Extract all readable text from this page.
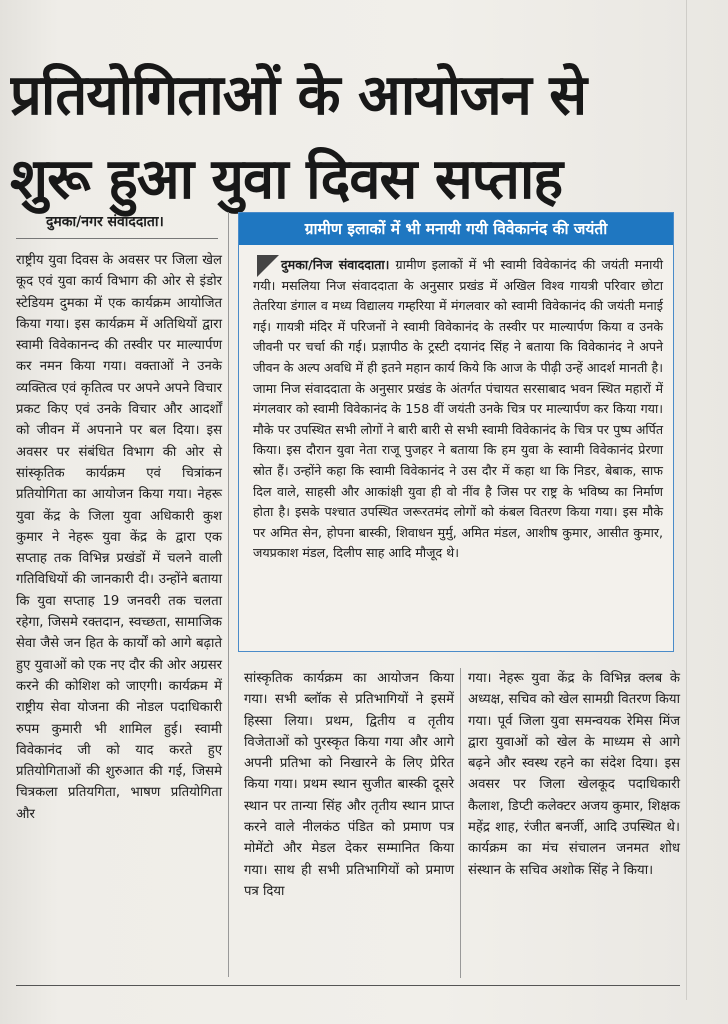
प्रतियोगिताओं के आयोजन से
शुरू हुआ युवा दिवस सप्ताह
दुमका/नगर संवाददाता।
राष्ट्रीय युवा दिवस के अवसर पर जिला खेल कूद एवं युवा कार्य विभाग की ओर से इंडोर स्टेडियम दुमका में एक कार्यक्रम आयोजित किया गया। इस कार्यक्रम में अतिथियों द्वारा स्वामी विवेकानन्द की तस्वीर पर माल्यार्पण कर नमन किया गया। वक्ताओं ने उनके व्यक्तित्व एवं कृतित्व पर अपने अपने विचार प्रकट किए एवं उनके विचार और आदर्शों को जीवन में अपनाने पर बल दिया। इस अवसर पर संबंधित विभाग की ओर से सांस्कृतिक कार्यक्रम एवं चित्रांकन प्रतियोगिता का आयोजन किया गया। नेहरू युवा केंद्र के जिला युवा अधिकारी कुश कुमार ने नेहरू युवा केंद्र के द्वारा एक सप्ताह तक विभिन्न प्रखंडों में चलने वाली गतिविधियों की जानकारी दी। उन्होंने बताया कि युवा सप्ताह 19 जनवरी तक चलता रहेगा, जिसमे रक्तदान, स्वच्छता, सामाजिक सेवा जैसे जन हित के कार्यों को आगे बढ़ाते हुए युवाओं को एक नए दौर की ओर अग्रसर करने की कोशिश को जाएगी। कार्यक्रम में राष्ट्रीय सेवा योजना की नोडल पदाधिकारी रुपम कुमारी भी शामिल हुई। स्वामी विवेकानंद जी को याद करते हुए प्रतियोगिताओं की शुरुआत की गई, जिसमे चित्रकला प्रतियगिता, भाषण प्रतियोगिता और
ग्रामीण इलाकों में भी मनायी गयी विवेकानंद की जयंती
दुमका/निज संवाददाता। ग्रामीण इलाकों में भी स्वामी विवेकानंद की जयंती मनायी गयी। मसलिया निज संवाददाता के अनुसार प्रखंड में अखिल विश्व गायत्री परिवार छोटा तेतरिया डंगाल व मध्य विद्यालय गम्हरिया में मंगलवार को स्वामी विवेकानंद की जयंती मनाई गई। गायत्री मंदिर में परिजनों ने स्वामी विवेकानंद के तस्वीर पर माल्यार्पण किया व उनके जीवनी पर चर्चा की गई। प्रज्ञापीठ के ट्रस्टी दयानंद सिंह ने बताया कि विवेकानंद ने अपने जीवन के अल्प अवधि में ही इतने महान कार्य किये कि आज के पीढ़ी उन्हें आदर्श मानती है। जामा निज संवाददाता के अनुसार प्रखंड के अंतर्गत पंचायत सरसाबाद भवन स्थित महारों में मंगलवार को स्वामी विवेकानंद के 158 वीं जयंती उनके चित्र पर माल्यार्पण कर किया गया। मौके पर उपस्थित सभी लोगों ने बारी बारी से सभी स्वामी विवेकानंद के चित्र पर पुष्प अर्पित किया। इस दौरान युवा नेता राजू पुजहर ने बताया कि हम युवा के स्वामी विवेकानंद प्रेरणा स्रोत हैं। उन्होंने कहा कि स्वामी विवेकानंद ने उस दौर में कहा था कि निडर, बेबाक, साफ दिल वाले, साहसी और आकांक्षी युवा ही वो नींव है जिस पर राष्ट्र के भविष्य का निर्माण होता है। इसके पश्चात उपस्थित जरूरतमंद लोगों को कंबल वितरण किया गया। इस मौके पर अमित सेन, होपना बास्की, शिवाधन मुर्मु, अमित मंडल, आशीष कुमार, आसीत कुमार, जयप्रकाश मंडल, दिलीप साह आदि मौजूद थे।
सांस्कृतिक कार्यक्रम का आयोजन किया गया। सभी ब्लॉक से प्रतिभागियों ने इसमें हिस्सा लिया। प्रथम, द्वितीय व तृतीय विजेताओं को पुरस्कृत किया गया और आगे अपनी प्रतिभा को निखारने के लिए प्रेरित किया गया। प्रथम स्थान सुजीत बास्की दूसरे स्थान पर तान्या सिंह और तृतीय स्थान प्राप्त करने वाले नीलकंठ पंडित को प्रमाण पत्र मोमेंटो और मेडल देकर सम्मानित किया गया। साथ ही सभी प्रतिभागियों को प्रमाण पत्र दिया
गया। नेहरू युवा केंद्र के विभिन्न क्लब के अध्यक्ष, सचिव को खेल सामग्री वितरण किया गया। पूर्व जिला युवा समन्वयक रेमिस मिंज द्वारा युवाओं को खेल के माध्यम से आगे बढ़ने और स्वस्थ रहने का संदेश दिया। इस अवसर पर जिला खेलकूद पदाधिकारी कैलाश, डिप्टी कलेक्टर अजय कुमार, शिक्षक महेंद्र शाह, रंजीत बनर्जी, आदि उपस्थित थे। कार्यक्रम का मंच संचालन जनमत शोध संस्थान के सचिव अशोक सिंह ने किया।
